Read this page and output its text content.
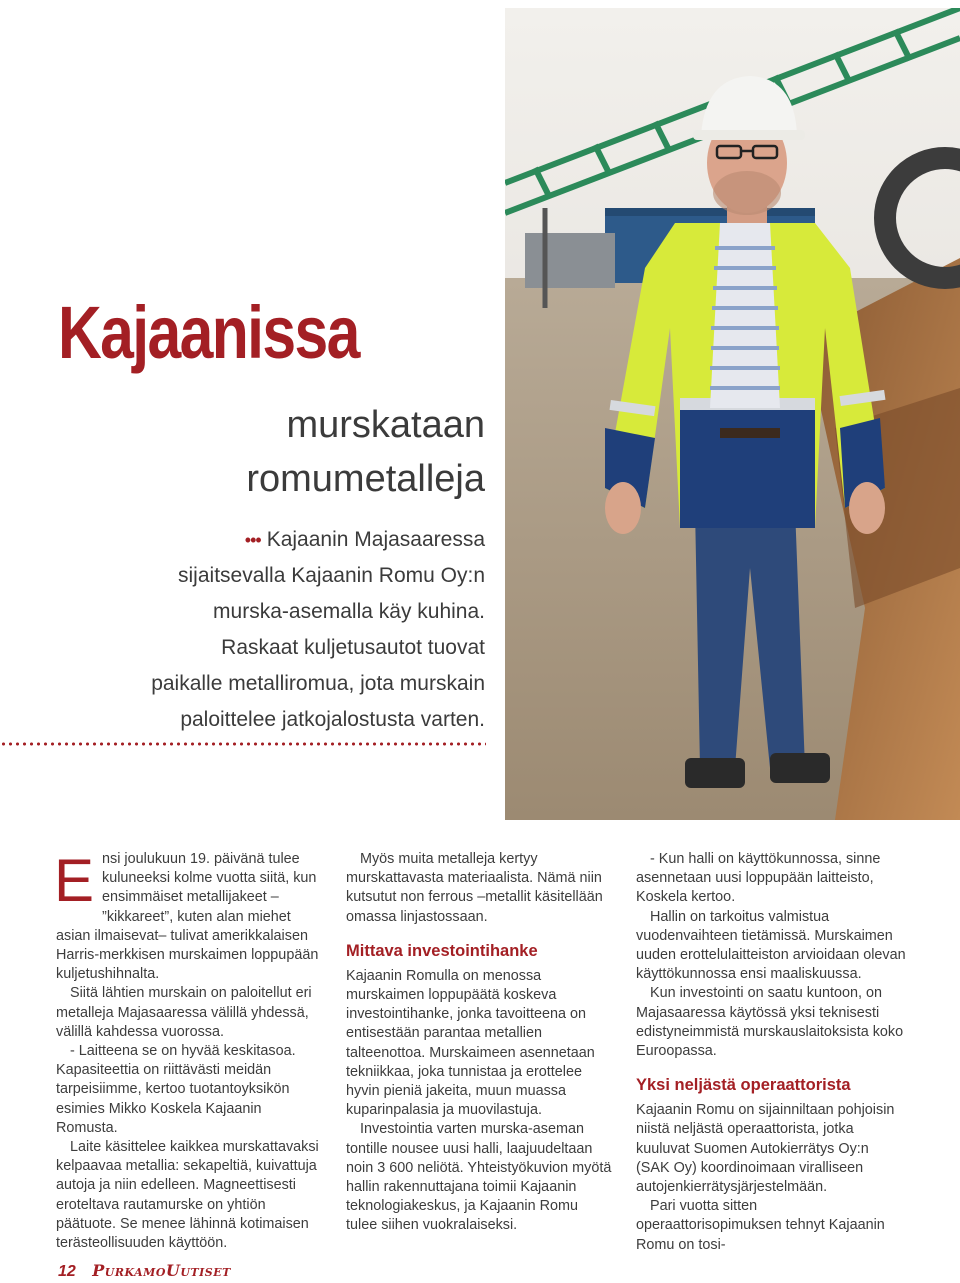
Kajaanissa
murskataan
romumetalleja

••• Kajaanin Majasaaressa
sijaitsevalla Kajaanin Romu Oy:n
murska-asemalla käy kuhina.
Raskaat kuljetusautot tuovat
paikalle metalliromua, jota murskain
paloittelee jatkojalostusta varten.

Ensi joulukuun 19. päivänä tulee kuluneeksi kolme vuotta siitä, kun ensimmäiset metallijakeet – ”kikkareet”, kuten alan miehet asian ilmaisevat– tulivat amerikkalaisen Harris-merkkisen murskaimen loppupään kuljetushihnalta.

Siitä lähtien murskain on paloitellut eri metalleja Majasaaressa välillä yhdessä, välillä kahdessa vuorossa.

- Laitteena se on hyvää keskitasoa. Kapasiteettia on riittävästi meidän tarpeisiimme, kertoo tuotantoyksikön esimies Mikko Koskela Kajaanin Romusta.

Laite käsittelee kaikkea murskattavaksi kelpaavaa metallia: sekapeltiä, kuivattuja autoja ja niin edelleen. Magneettisesti eroteltava rautamurske on yhtiön päätuote. Se menee lähinnä kotimaisen terästeollisuuden käyttöön.

Myös muita metalleja kertyy murskattavasta materiaalista. Nämä niin kutsutut non ferrous –metallit käsitellään omassa linjastossaan.

Mittava investointihanke

Kajaanin Romulla on menossa murskaimen loppupäätä koskeva investointihanke, jonka tavoitteena on entisestään parantaa metallien talteenottoa. Murskaimeen asennetaan tekniikkaa, joka tunnistaa ja erottelee hyvin pieniä jakeita, muun muassa kuparinpalasia ja muovilastuja.

Investointia varten murska-aseman tontille nousee uusi halli, laajuudeltaan noin 3 600 neliötä. Yhteistyökuvion myötä hallin rakennuttajana toimii Kajaanin teknologiakeskus, ja Kajaanin Romu tulee siihen vuokralaiseksi.

- Kun halli on käyttökunnossa, sinne asennetaan uusi loppupään laitteisto, Koskela kertoo.

Hallin on tarkoitus valmistua vuodenvaihteen tietämissä. Murskaimen uuden erottelulaitteiston arvioidaan olevan käyttökunnossa ensi maaliskuussa.

Kun investointi on saatu kuntoon, on Majasaaressa käytössä yksi teknisesti edistyneimmistä murskauslaitoksista koko Euroopassa.

Yksi neljästä operaattorista

Kajaanin Romu on sijainniltaan pohjoisin niistä neljästä operaattorista, jotka kuuluvat Suomen Autokierrätys Oy:n (SAK Oy) koordinoimaan viralliseen autojenkierrätysjärjestelmään.

Pari vuotta sitten operaattorisopimuksen tehnyt Kajaanin Romu on tosi-

12 PurkamoUutiset
